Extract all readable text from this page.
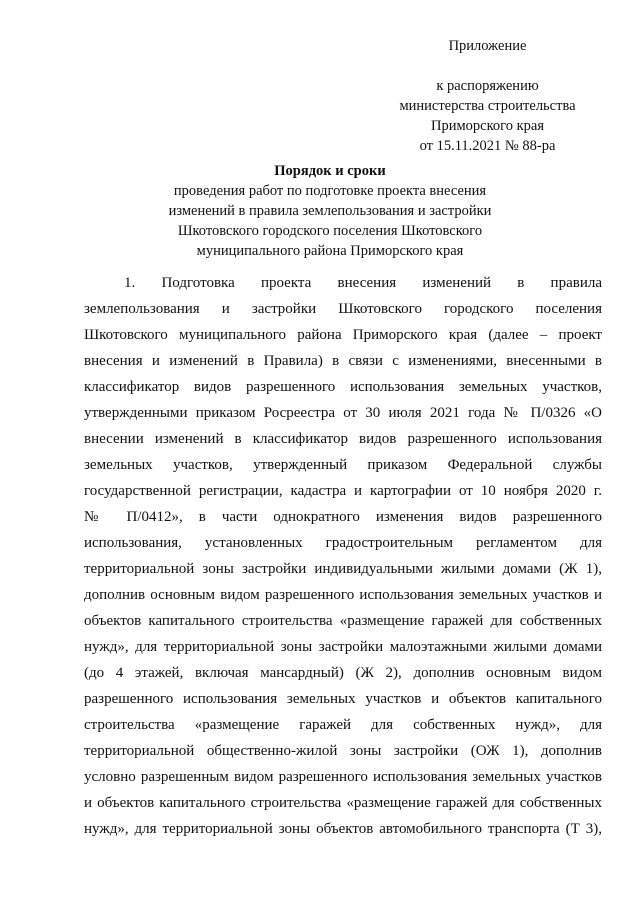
Приложение
к распоряжению
министерства строительства
Приморского края
от 15.11.2021 № 88-ра
Порядок и сроки
проведения работ по подготовке проекта внесения
изменений в правила землепользования и застройки
Шкотовского городского поселения Шкотовского
муниципального района Приморского края
1. Подготовка проекта внесения изменений в правила
землепользования и застройки Шкотовского городского поселения
Шкотовского муниципального района Приморского края (далее – проект
внесения и изменений в Правила) в связи с изменениями, внесенными в
классификатор видов разрешенного использования земельных участков,
утвержденными приказом Росреестра от 30 июля 2021 года № П/0326 «О
внесении изменений в классификатор видов разрешенного использования
земельных участков, утвержденный приказом Федеральной службы
государственной регистрации, кадастра и картографии от 10 ноября 2020 г.
№ П/0412», в части однократного изменения видов разрешенного
использования, установленных градостроительным регламентом для
территориальной зоны застройки индивидуальными жилыми домами (Ж 1),
дополнив основным видом разрешенного использования земельных участков и
объектов капитального строительства «размещение гаражей для собственных
нужд», для территориальной зоны застройки малоэтажными жилыми домами
(до 4 этажей, включая мансардный) (Ж 2), дополнив основным видом
разрешенного использования земельных участков и объектов капитального
строительства «размещение гаражей для собственных нужд», для
территориальной общественно-жилой зоны застройки (ОЖ 1), дополнив
условно разрешенным видом разрешенного использования земельных участков
и объектов капитального строительства «размещение гаражей для собственных
нужд», для территориальной зоны объектов автомобильного транспорта (Т 3),
